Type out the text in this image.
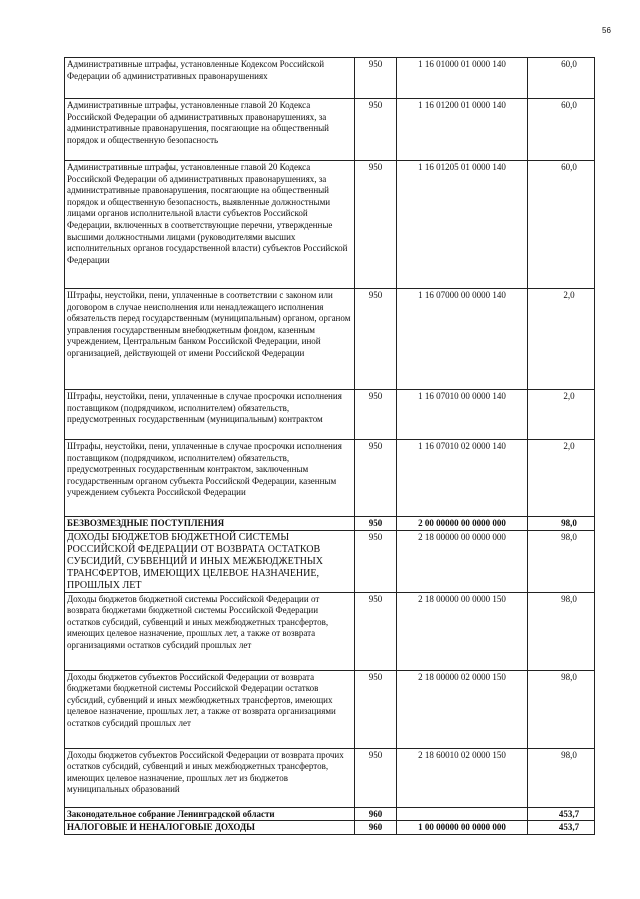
56
Административные штрафы, установленные Кодексом Российской Федерации об административных правонарушениях	950	1 16 01000 01 0000 140	60,0
Административные штрафы, установленные главой 20 Кодекса Российской Федерации об административных правонарушениях, за административные правонарушения, посягающие на общественный порядок и общественную безопасность	950	1 16 01200 01 0000 140	60,0
Административные штрафы, установленные главой 20 Кодекса Российской Федерации об административных правонарушениях, за административные правонарушения, посягающие на общественный порядок и общественную безопасность, выявленные должностными лицами органов исполнительной власти субъектов Российской Федерации, включенных в соответствующие перечни, утвержденные высшими должностными лицами (руководителями высших исполнительных органов государственной власти) субъектов Российской Федерации	950	1 16 01205 01 0000 140	60,0
Штрафы, неустойки, пени, уплаченные в соответствии с законом или договором в случае неисполнения или ненадлежащего исполнения обязательств перед государственным (муниципальным) органом, органом управления государственным внебюджетным фондом, казенным учреждением, Центральным банком Российской Федерации, иной организацией, действующей от имени Российской Федерации	950	1 16 07000 00 0000 140	2,0
Штрафы, неустойки, пени, уплаченные в случае просрочки исполнения поставщиком (подрядчиком, исполнителем) обязательств, предусмотренных государственным (муниципальным) контрактом	950	1 16 07010 00 0000 140	2,0
Штрафы, неустойки, пени, уплаченные в случае просрочки исполнения поставщиком (подрядчиком, исполнителем) обязательств, предусмотренных государственным контрактом, заключенным государственным органом субъекта Российской Федерации, казенным учреждением субъекта Российской Федерации	950	1 16 07010 02 0000 140	2,0
БЕЗВОЗМЕЗДНЫЕ ПОСТУПЛЕНИЯ	950	2 00 00000 00 0000 000	98,0
ДОХОДЫ БЮДЖЕТОВ БЮДЖЕТНОЙ СИСТЕМЫ РОССИЙСКОЙ ФЕДЕРАЦИИ ОТ ВОЗВРАТА ОСТАТКОВ СУБСИДИЙ, СУБВЕНЦИЙ И ИНЫХ МЕЖБЮДЖЕТНЫХ ТРАНСФЕРТОВ, ИМЕЮЩИХ ЦЕЛЕВОЕ НАЗНАЧЕНИЕ, ПРОШЛЫХ ЛЕТ	950	2 18 00000 00 0000 000	98,0
Доходы бюджетов бюджетной системы Российской Федерации от возврата бюджетами бюджетной системы Российской Федерации остатков субсидий, субвенций и иных межбюджетных трансфертов, имеющих целевое назначение, прошлых лет, а также от возврата организациями остатков субсидий прошлых лет	950	2 18 00000 00 0000 150	98,0
Доходы бюджетов субъектов Российской Федерации от возврата бюджетами бюджетной системы Российской Федерации остатков субсидий, субвенций и иных межбюджетных трансфертов, имеющих целевое назначение, прошлых лет, а также от возврата организациями остатков субсидий прошлых лет	950	2 18 00000 02 0000 150	98,0
Доходы бюджетов субъектов Российской Федерации от возврата прочих остатков субсидий, субвенций и иных межбюджетных трансфертов, имеющих целевое назначение, прошлых лет из бюджетов муниципальных образований	950	2 18 60010 02 0000 150	98,0
Законодательное собрание Ленинградской области	960		453,7
НАЛОГОВЫЕ И НЕНАЛОГОВЫЕ ДОХОДЫ	960	1 00 00000 00 0000 000	453,7
